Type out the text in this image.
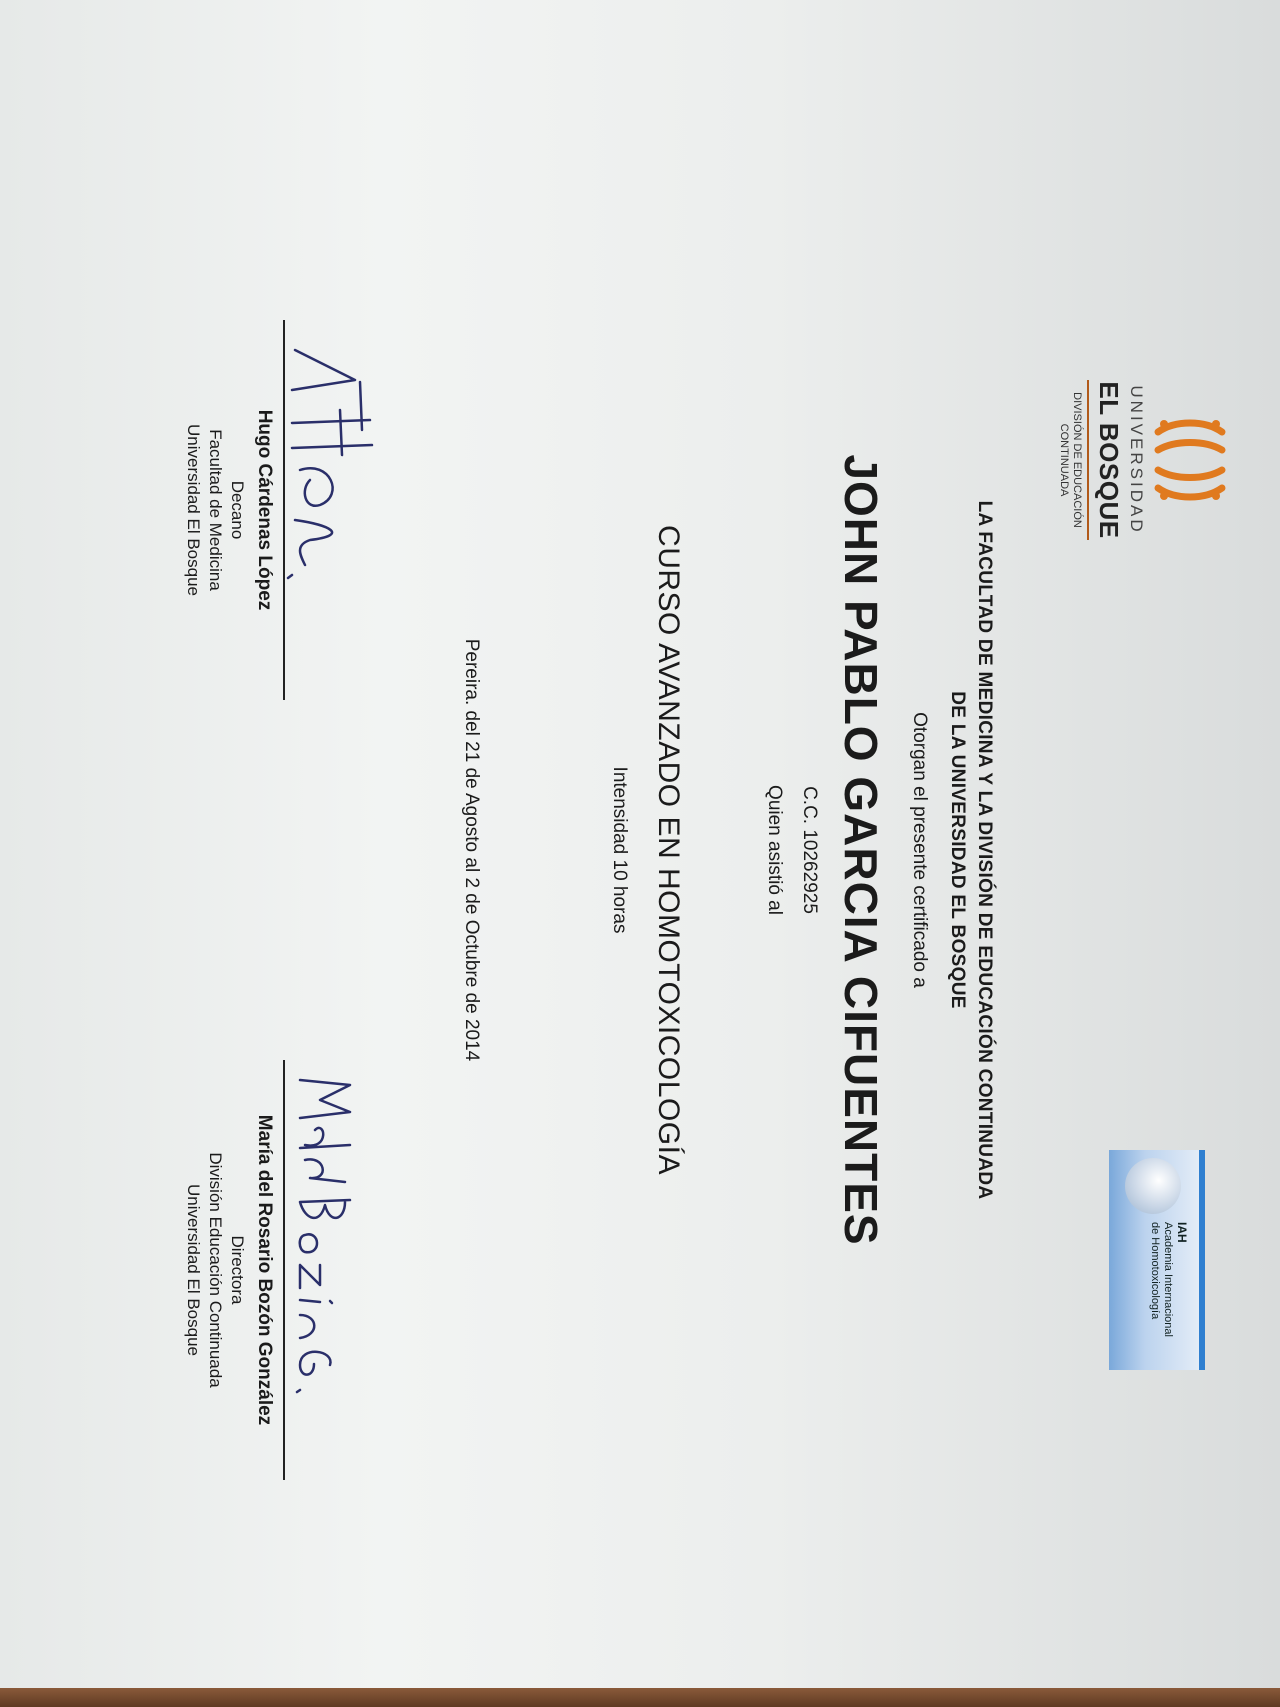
UNIVERSIDAD
EL BOSQUE
DIVISIÓN DE EDUCACIÓN
CONTINUADA
IAH
Academia Internacional
de Homotoxicología
LA FACULTAD DE MEDICINA Y LA DIVISIÓN DE EDUCACIÓN CONTINUADA
DE LA UNIVERSIDAD EL BOSQUE
Otorgan el presente certificado a
JOHN PABLO GARCIA CIFUENTES
C.C. 10262925
Quien asistió al
CURSO AVANZADO EN HOMOTOXICOLOGÍA
Intensidad 10 horas
Pereira. del 21 de Agosto al 2 de Octubre de 2014
Hugo Cárdenas López
Decano
Facultad de Medicina
Universidad El Bosque
María del Rosario Bozón González
Directora
División Educación Continuada
Universidad El Bosque
